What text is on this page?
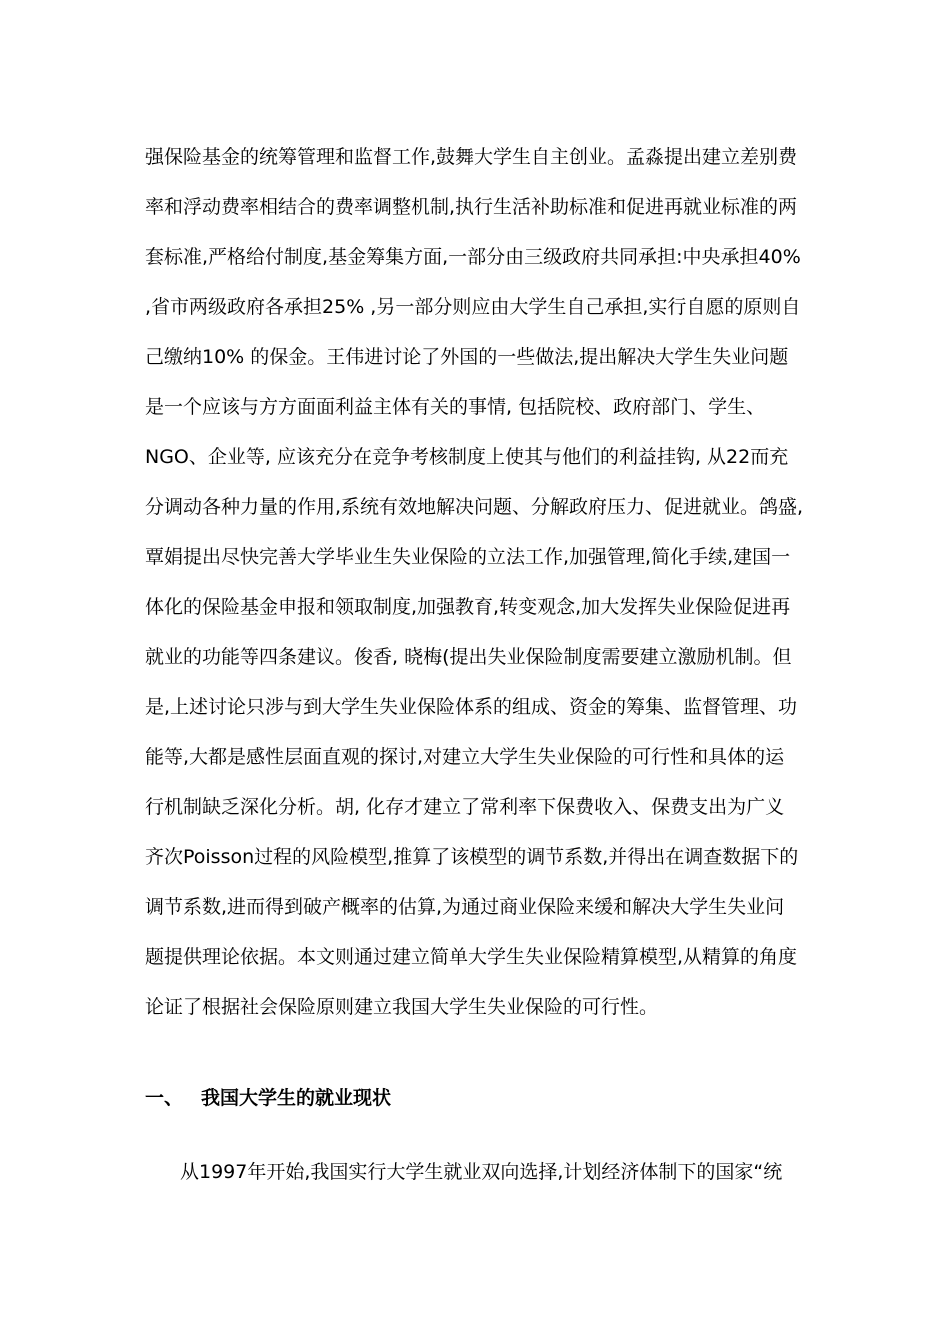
强保险基金的统筹管理和监督工作,鼓舞大学生自主创业。孟淼提出建立差别费
率和浮动费率相结合的费率调整机制,执行生活补助标准和促进再就业标准的两
套标准,严格给付制度,基金筹集方面,一部分由三级政府共同承担:中央承担40%
,省市两级政府各承担25% ,另一部分则应由大学生自己承担,实行自愿的原则自
己缴纳10% 的保金。王伟进讨论了外国的一些做法,提出解决大学生失业问题
是一个应该与方方面面利益主体有关的事情, 包括院校、政府部门、学生、
NGO、企业等, 应该充分在竞争考核制度上使其与他们的利益挂钩, 从22而充
分调动各种力量的作用,系统有效地解决问题、分解政府压力、促进就业。鸽盛,
覃娟提出尽快完善大学毕业生失业保险的立法工作,加强管理,简化手续,建国一
体化的保险基金申报和领取制度,加强教育,转变观念,加大发挥失业保险促进再
就业的功能等四条建议。俊香, 晓梅(提出失业保险制度需要建立激励机制。但
是,上述讨论只涉与到大学生失业保险体系的组成、资金的筹集、监督管理、功
能等,大都是感性层面直观的探讨,对建立大学生失业保险的可行性和具体的运
行机制缺乏深化分析。胡, 化存才建立了常利率下保费收入、保费支出为广义
齐次Poisson过程的风险模型,推算了该模型的调节系数,并得出在调查数据下的
调节系数,进而得到破产概率的估算,为通过商业保险来缓和解决大学生失业问
题提供理论依据。本文则通过建立简单大学生失业保险精算模型,从精算的角度
论证了根据社会保险原则建立我国大学生失业保险的可行性。
一、 我国大学生的就业现状

从1997年开始,我国实行大学生就业双向选择,计划经济体制下的国家“统
